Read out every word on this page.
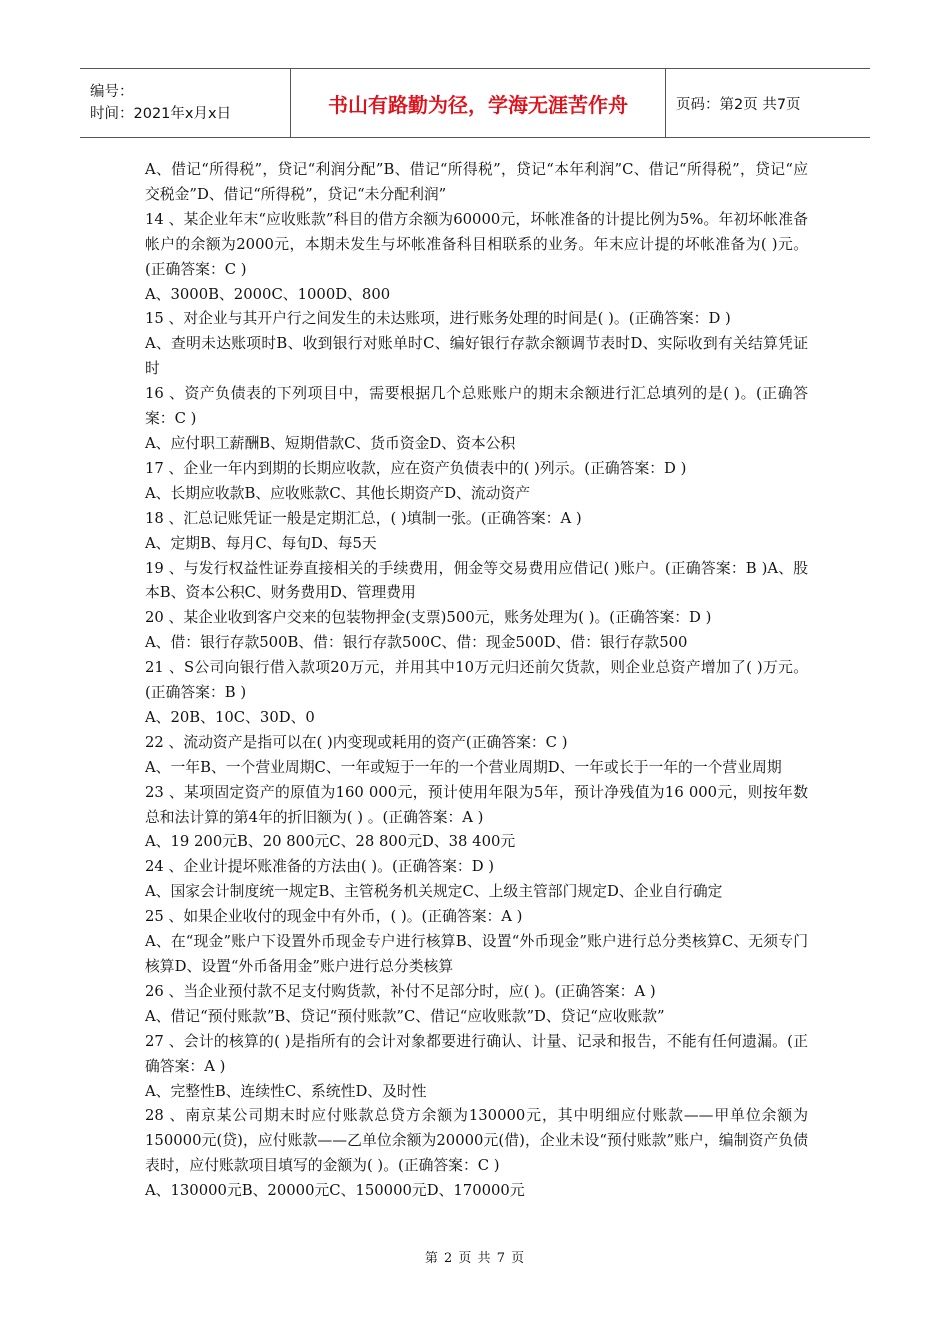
编号：
时间：2021年x月x日	书山有路勤为径，学海无涯苦作舟	页码：第2页 共7页

A、借记“所得税”，贷记“利润分配”B、借记“所得税”，贷记“本年利润”C、借记“所得税”，贷记“应交税金”D、借记“所得税”，贷记“未分配利润”

14 、某企业年末“应收账款”科目的借方余额为60000元，坏帐准备的计提比例为5%。年初坏帐准备帐户的余额为2000元，本期未发生与坏帐准备科目相联系的业务。年末应计提的坏帐准备为( )元。(正确答案：C )

A、3000B、2000C、1000D、800

15 、对企业与其开户行之间发生的未达账项，进行账务处理的时间是( )。(正确答案：D )

A、查明未达账项时B、收到银行对账单时C、编好银行存款余额调节表时D、实际收到有关结算凭证时

16 、资产负债表的下列项目中，需要根据几个总账账户的期末余额进行汇总填列的是( )。(正确答案：C )

A、应付职工薪酬B、短期借款C、货币资金D、资本公积

17 、企业一年内到期的长期应收款，应在资产负债表中的( )列示。(正确答案：D )

A、长期应收款B、应收账款C、其他长期资产D、流动资产

18 、汇总记账凭证一般是定期汇总，( )填制一张。(正确答案：A )

A、定期B、每月C、每旬D、每5天

19 、与发行权益性证券直接相关的手续费用，佣金等交易费用应借记( )账户。(正确答案：B )A、股本B、资本公积C、财务费用D、管理费用

20 、某企业收到客户交来的包装物押金(支票)500元，账务处理为( )。(正确答案：D )

A、借：银行存款500B、借：银行存款500C、借：现金500D、借：银行存款500

21 、S公司向银行借入款项20万元，并用其中10万元归还前欠货款，则企业总资产增加了( )万元。(正确答案：B )

A、20B、10C、30D、0

22 、流动资产是指可以在( )内变现或耗用的资产(正确答案：C )

A、一年B、一个营业周期C、一年或短于一年的一个营业周期D、一年或长于一年的一个营业周期

23 、某项固定资产的原值为160 000元，预计使用年限为5年，预计净残值为16 000元，则按年数总和法计算的第4年的折旧额为( ) 。(正确答案：A )

A、19 200元B、20 800元C、28 800元D、38 400元

24 、企业计提坏账准备的方法由( )。(正确答案：D )

A、国家会计制度统一规定B、主管税务机关规定C、上级主管部门规定D、企业自行确定

25 、如果企业收付的现金中有外币，( )。(正确答案：A )

A、在“现金”账户下设置外币现金专户进行核算B、设置“外币现金”账户进行总分类核算C、无须专门核算D、设置“外币备用金”账户进行总分类核算

26 、当企业预付款不足支付购货款，补付不足部分时，应( )。(正确答案：A )

A、借记“预付账款”B、贷记“预付账款”C、借记“应收账款”D、贷记“应收账款”

27 、会计的核算的( )是指所有的会计对象都要进行确认、计量、记录和报告，不能有任何遗漏。(正确答案：A )

A、完整性B、连续性C、系统性D、及时性

28 、南京某公司期末时应付账款总贷方余额为130000元，其中明细应付账款——甲单位余额为150000元(贷)，应付账款——乙单位余额为20000元(借)，企业未设“预付账款”账户，编制资产负债表时，应付账款项目填写的金额为( )。(正确答案：C )

A、130000元B、20000元C、150000元D、170000元

第 2 页 共 7 页
